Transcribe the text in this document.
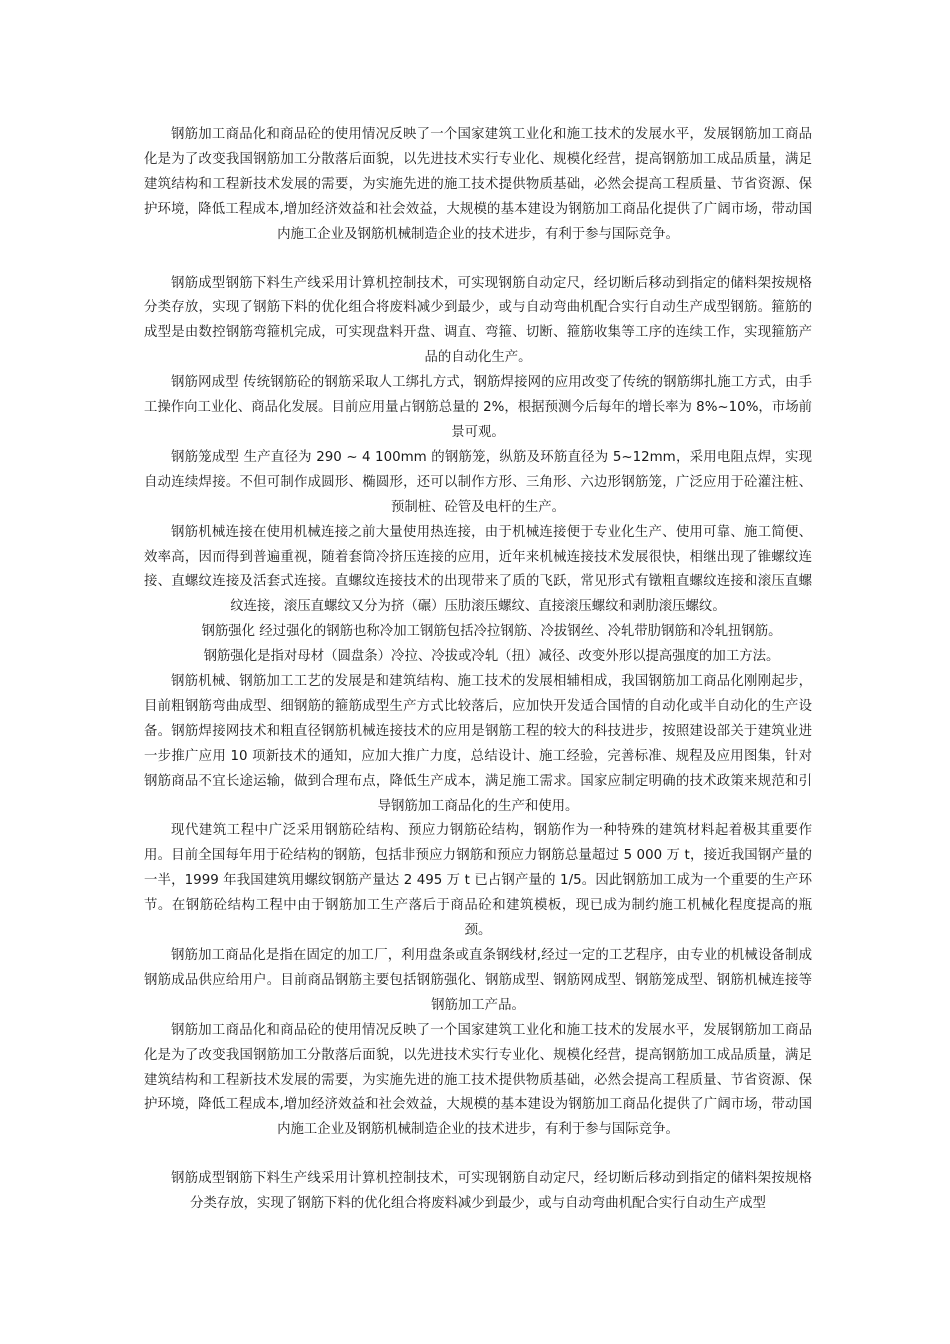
钢筋加工商品化和商品砼的使用情况反映了一个国家建筑工业化和施工技术的发展水平，发展钢筋加工商品化是为了改变我国钢筋加工分散落后面貌，以先进技术实行专业化、规模化经营，提高钢筋加工成品质量，满足建筑结构和工程新技术发展的需要，为实施先进的施工技术提供物质基础，必然会提高工程质量、节省资源、保护环境，降低工程成本,增加经济效益和社会效益，大规模的基本建设为钢筋加工商品化提供了广阔市场，带动国内施工企业及钢筋机械制造企业的技术进步，有利于参与国际竞争。

钢筋成型钢筋下料生产线采用计算机控制技术，可实现钢筋自动定尺，经切断后移动到指定的储料架按规格分类存放，实现了钢筋下料的优化组合将废料减少到最少，或与自动弯曲机配合实行自动生产成型钢筋。箍筋的成型是由数控钢筋弯箍机完成，可实现盘料开盘、调直、弯箍、切断、箍筋收集等工序的连续工作，实现箍筋产品的自动化生产。

钢筋网成型 传统钢筋砼的钢筋采取人工绑扎方式，钢筋焊接网的应用改变了传统的钢筋绑扎施工方式，由手工操作向工业化、商品化发展。目前应用量占钢筋总量的 2%，根据预测今后每年的增长率为 8%~10%，市场前景可观。

钢筋笼成型 生产直径为 290 ~ 4 100mm 的钢筋笼，纵筋及环筋直径为 5~12mm，采用电阻点焊，实现自动连续焊接。不但可制作成圆形、椭圆形，还可以制作方形、三角形、六边形钢筋笼，广泛应用于砼灌注桩、预制桩、砼管及电杆的生产。

钢筋机械连接在使用机械连接之前大量使用热连接，由于机械连接便于专业化生产、使用可靠、施工简便、效率高，因而得到普遍重视，随着套筒冷挤压连接的应用，近年来机械连接技术发展很快，相继出现了锥螺纹连接、直螺纹连接及活套式连接。直螺纹连接技术的出现带来了质的飞跃，常见形式有镦粗直螺纹连接和滚压直螺纹连接，滚压直螺纹又分为挤（碾）压肋滚压螺纹、直接滚压螺纹和剥肋滚压螺纹。

钢筋强化 经过强化的钢筋也称冷加工钢筋包括冷拉钢筋、冷拔钢丝、冷轧带肋钢筋和冷轧扭钢筋。

钢筋强化是指对母材（圆盘条）冷拉、冷拔或冷轧（扭）减径、改变外形以提高强度的加工方法。

钢筋机械、钢筋加工工艺的发展是和建筑结构、施工技术的发展相辅相成，我国钢筋加工商品化刚刚起步，目前粗钢筋弯曲成型、细钢筋的箍筋成型生产方式比较落后，应加快开发适合国情的自动化或半自动化的生产设备。钢筋焊接网技术和粗直径钢筋机械连接技术的应用是钢筋工程的较大的科技进步，按照建设部关于建筑业进一步推广应用 10 项新技术的通知，应加大推广力度，总结设计、施工经验，完善标准、规程及应用图集，针对钢筋商品不宜长途运输，做到合理布点，降低生产成本，满足施工需求。国家应制定明确的技术政策来规范和引导钢筋加工商品化的生产和使用。

现代建筑工程中广泛采用钢筋砼结构、预应力钢筋砼结构，钢筋作为一种特殊的建筑材料起着极其重要作用。目前全国每年用于砼结构的钢筋，包括非预应力钢筋和预应力钢筋总量超过 5 000 万 t，接近我国钢产量的一半，1999 年我国建筑用螺纹钢筋产量达 2 495 万 t 已占钢产量的 1/5。因此钢筋加工成为一个重要的生产环节。在钢筋砼结构工程中由于钢筋加工生产落后于商品砼和建筑模板，现已成为制约施工机械化程度提高的瓶颈。

钢筋加工商品化是指在固定的加工厂，利用盘条或直条钢线材,经过一定的工艺程序，由专业的机械设备制成钢筋成品供应给用户。目前商品钢筋主要包括钢筋强化、钢筋成型、钢筋网成型、钢筋笼成型、钢筋机械连接等钢筋加工产品。

钢筋加工商品化和商品砼的使用情况反映了一个国家建筑工业化和施工技术的发展水平，发展钢筋加工商品化是为了改变我国钢筋加工分散落后面貌，以先进技术实行专业化、规模化经营，提高钢筋加工成品质量，满足建筑结构和工程新技术发展的需要，为实施先进的施工技术提供物质基础，必然会提高工程质量、节省资源、保护环境，降低工程成本,增加经济效益和社会效益，大规模的基本建设为钢筋加工商品化提供了广阔市场，带动国内施工企业及钢筋机械制造企业的技术进步，有利于参与国际竞争。

钢筋成型钢筋下料生产线采用计算机控制技术，可实现钢筋自动定尺，经切断后移动到指定的储料架按规格分类存放，实现了钢筋下料的优化组合将废料减少到最少，或与自动弯曲机配合实行自动生产成型
